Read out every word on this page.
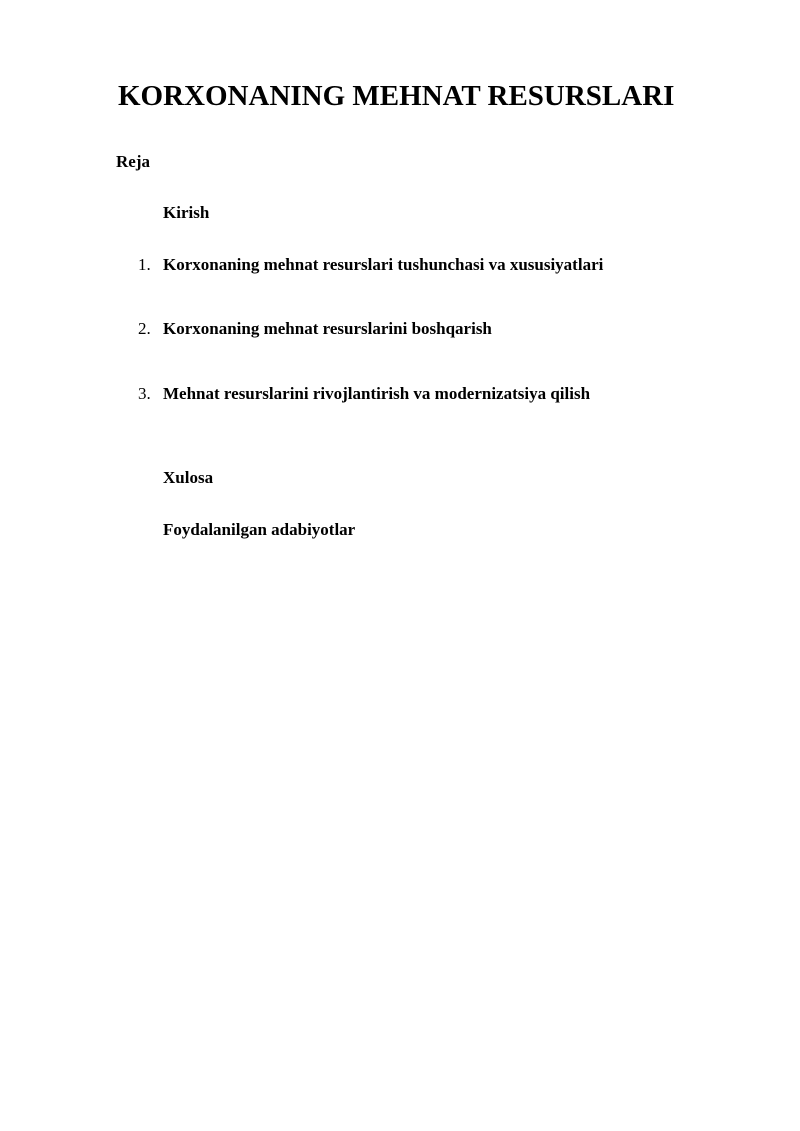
KORXONANING MEHNAT RESURSLARI
Reja
Kirish
1. Korxonaning mehnat resurslari tushunchasi va xususiyatlari
2. Korxonaning mehnat resurslarini boshqarish
3. Mehnat resurslarini rivojlantirish va modernizatsiya qilish
Xulosa
Foydalanilgan adabiyotlar
